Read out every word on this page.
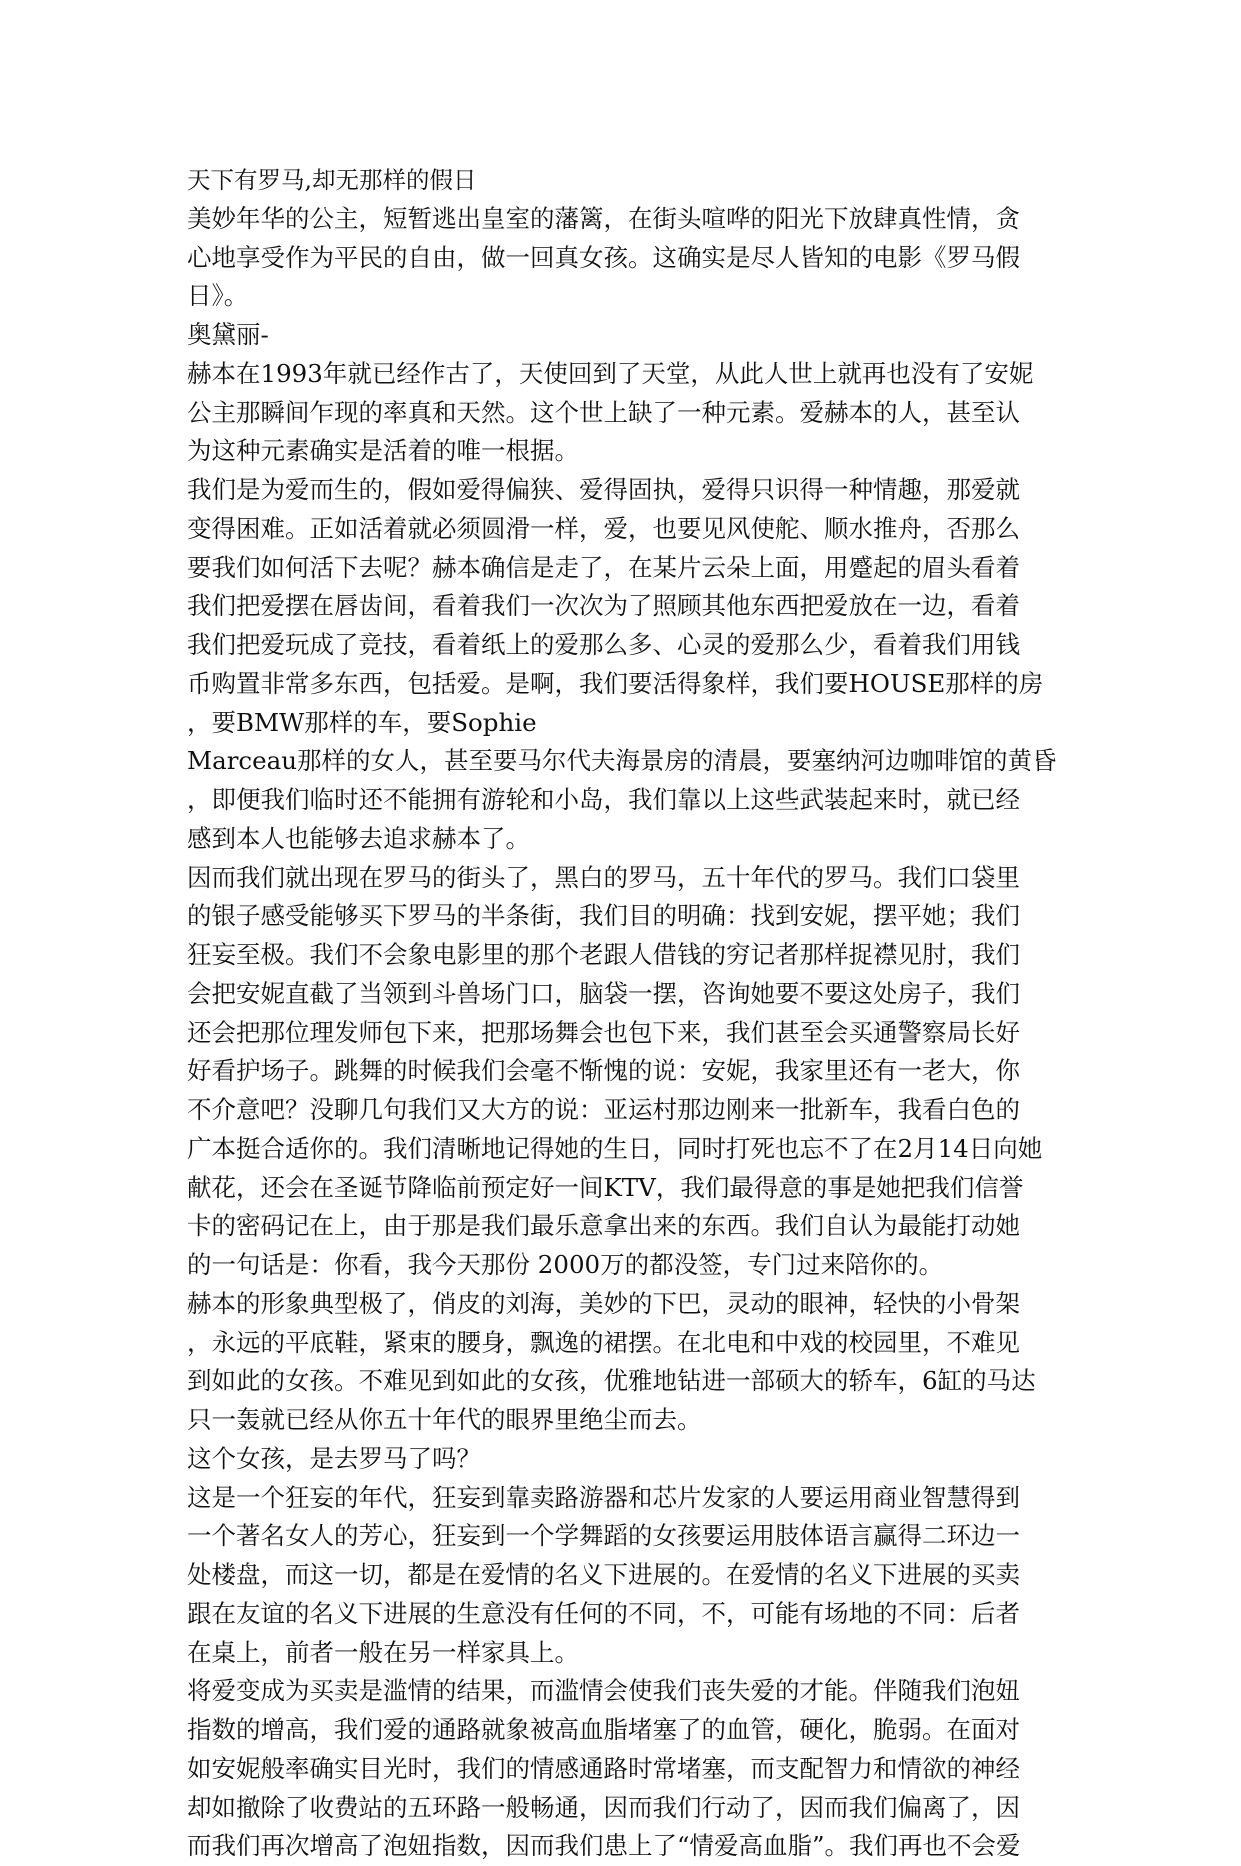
天下有罗马,却无那样的假日
美妙年华的公主，短暂逃出皇室的藩篱，在街头喧哗的阳光下放肆真性情，贪
心地享受作为平民的自由，做一回真女孩。这确实是尽人皆知的电影《罗马假
日》。
奥黛丽-
赫本在1993年就已经作古了，天使回到了天堂，从此人世上就再也没有了安妮
公主那瞬间乍现的率真和天然。这个世上缺了一种元素。爱赫本的人，甚至认
为这种元素确实是活着的唯一根据。
我们是为爱而生的，假如爱得偏狭、爱得固执，爱得只识得一种情趣，那爱就
变得困难。正如活着就必须圆滑一样，爱，也要见风使舵、顺水推舟，否那么
要我们如何活下去呢？赫本确信是走了，在某片云朵上面，用蹙起的眉头看着
我们把爱摆在唇齿间，看着我们一次次为了照顾其他东西把爱放在一边，看着
我们把爱玩成了竞技，看着纸上的爱那么多、心灵的爱那么少，看着我们用钱
币购置非常多东西，包括爱。是啊，我们要活得象样，我们要HOUSE那样的房
，要BMW那样的车，要Sophie
Marceau那样的女人，甚至要马尔代夫海景房的清晨，要塞纳河边咖啡馆的黄昏
，即便我们临时还不能拥有游轮和小岛，我们靠以上这些武装起来时，就已经
感到本人也能够去追求赫本了。
因而我们就出现在罗马的街头了，黑白的罗马，五十年代的罗马。我们口袋里
的银子感受能够买下罗马的半条街，我们目的明确：找到安妮，摆平她；我们
狂妄至极。我们不会象电影里的那个老跟人借钱的穷记者那样捉襟见肘，我们
会把安妮直截了当领到斗兽场门口，脑袋一摆，咨询她要不要这处房子，我们
还会把那位理发师包下来，把那场舞会也包下来，我们甚至会买通警察局长好
好看护场子。跳舞的时候我们会毫不惭愧的说：安妮，我家里还有一老大，你
不介意吧？没聊几句我们又大方的说：亚运村那边刚来一批新车，我看白色的
广本挺合适你的。我们清晰地记得她的生日，同时打死也忘不了在2月14日向她
献花，还会在圣诞节降临前预定好一间KTV，我们最得意的事是她把我们信誉
卡的密码记在上，由于那是我们最乐意拿出来的东西。我们自认为最能打动她
的一句话是：你看，我今天那份 2000万的都没签，专门过来陪你的。
赫本的形象典型极了，俏皮的刘海，美妙的下巴，灵动的眼神，轻快的小骨架
，永远的平底鞋，紧束的腰身，飘逸的裙摆。在北电和中戏的校园里，不难见
到如此的女孩。不难见到如此的女孩，优雅地钻进一部硕大的轿车，6缸的马达
只一轰就已经从你五十年代的眼界里绝尘而去。
这个女孩，是去罗马了吗？
这是一个狂妄的年代，狂妄到靠卖路游器和芯片发家的人要运用商业智慧得到
一个著名女人的芳心，狂妄到一个学舞蹈的女孩要运用肢体语言赢得二环边一
处楼盘，而这一切，都是在爱情的名义下进展的。在爱情的名义下进展的买卖
跟在友谊的名义下进展的生意没有任何的不同，不，可能有场地的不同：后者
在桌上，前者一般在另一样家具上。
将爱变成为买卖是滥情的结果，而滥情会使我们丧失爱的才能。伴随我们泡妞
指数的增高，我们爱的通路就象被高血脂堵塞了的血管，硬化，脆弱。在面对
如安妮般率确实目光时，我们的情感通路时常堵塞，而支配智力和情欲的神经
却如撤除了收费站的五环路一般畅通，因而我们行动了，因而我们偏离了，因
而我们再次增高了泡妞指数，因而我们患上了“情爱高血脂”。我们再也不会爱
